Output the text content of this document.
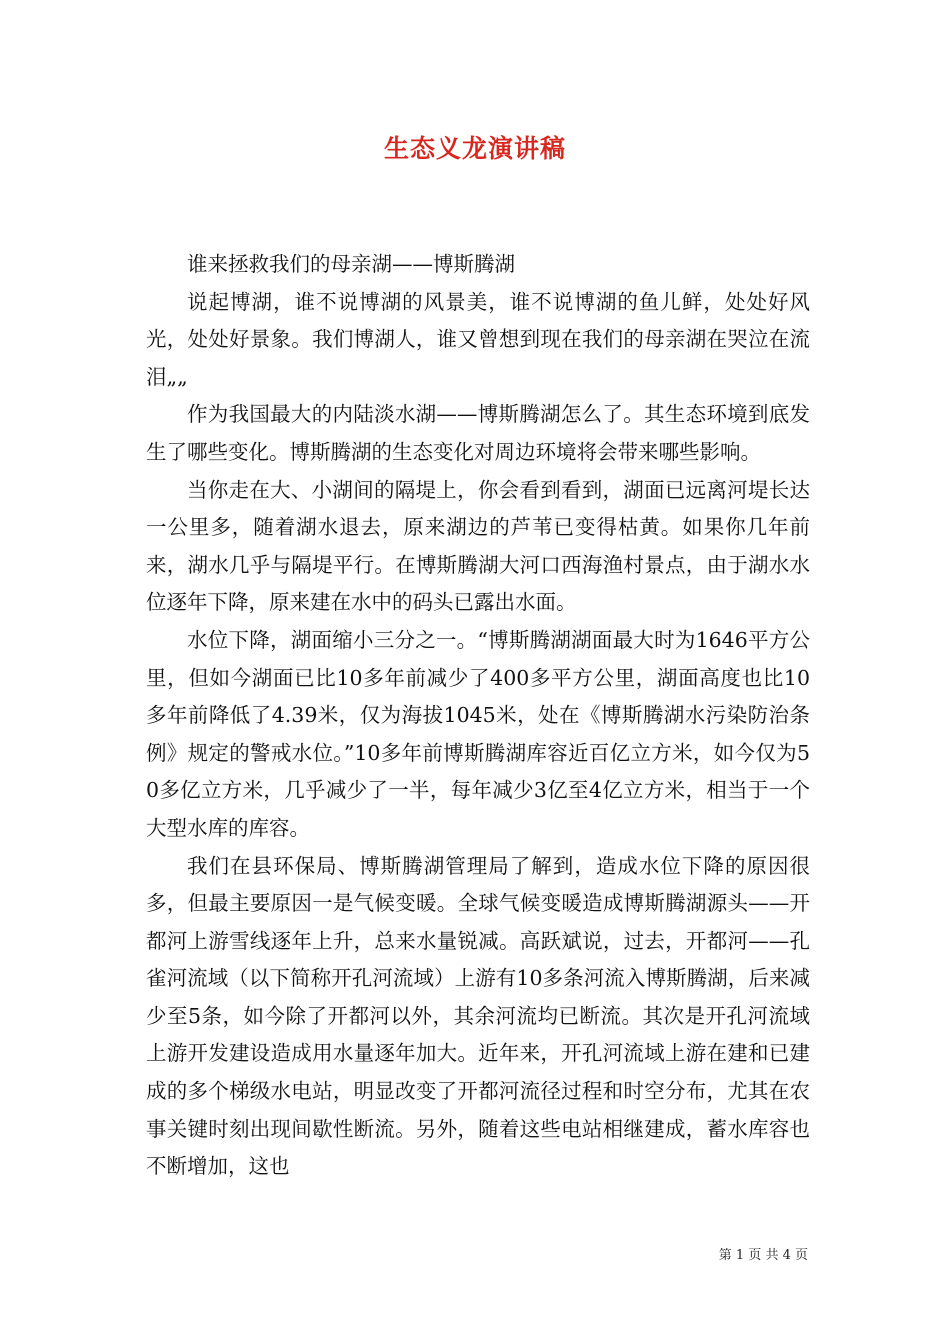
生态义龙演讲稿

谁来拯救我们的母亲湖——博斯腾湖

说起博湖，谁不说博湖的风景美，谁不说博湖的鱼儿鲜，处处好风光，处处好景象。我们博湖人，谁又曾想到现在我们的母亲湖在哭泣在流泪„„

作为我国最大的内陆淡水湖——博斯腾湖怎么了。其生态环境到底发生了哪些变化。博斯腾湖的生态变化对周边环境将会带来哪些影响。

当你走在大、小湖间的隔堤上，你会看到看到，湖面已远离河堤长达一公里多，随着湖水退去，原来湖边的芦苇已变得枯黄。如果你几年前来，湖水几乎与隔堤平行。在博斯腾湖大河口西海渔村景点，由于湖水水位逐年下降，原来建在水中的码头已露出水面。

水位下降，湖面缩小三分之一。“博斯腾湖湖面最大时为1646平方公里，但如今湖面已比10多年前减少了400多平方公里，湖面高度也比10多年前降低了4.39米，仅为海拔1045米，处在《博斯腾湖水污染防治条例》规定的警戒水位。”10多年前博斯腾湖库容近百亿立方米，如今仅为50多亿立方米，几乎减少了一半，每年减少3亿至4亿立方米，相当于一个大型水库的库容。

我们在县环保局、博斯腾湖管理局了解到，造成水位下降的原因很多，但最主要原因一是气候变暖。全球气候变暖造成博斯腾湖源头——开都河上游雪线逐年上升，总来水量锐减。高跃斌说，过去，开都河——孔雀河流域（以下简称开孔河流域）上游有10多条河流入博斯腾湖，后来减少至5条，如今除了开都河以外，其余河流均已断流。其次是开孔河流域上游开发建设造成用水量逐年加大。近年来，开孔河流域上游在建和已建成的多个梯级水电站，明显改变了开都河流径过程和时空分布，尤其在农事关键时刻出现间歇性断流。另外，随着这些电站相继建成，蓄水库容也不断增加，这也

第 1 页 共 4 页
